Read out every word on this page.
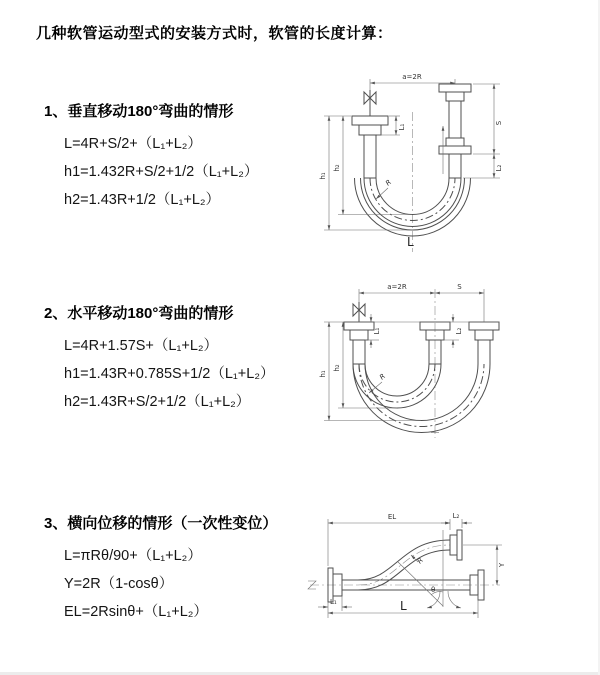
几种软管运动型式的安装方式时，软管的长度计算：
1、垂直移动180°弯曲的情形
L=4R+S/2+（L₁+L₂）
h1=1.432R+S/2+1/2（L₁+L₂）
h2=1.43R+1/2（L₁+L₂）
2、水平移动180°弯曲的情形
L=4R+1.57S+（L₁+L₂）
h1=1.43R+0.785S+1/2（L₁+L₂）
h2=1.43R+S/2+1/2（L₁+L₂）
3、横向位移的情形（一次性变位）
L=πRθ/90+（L₁+L₂）
Y=2R（1-cosθ）
EL=2Rsinθ+（L₁+L₂）
a=2R
S
L₂
L₁
h₁
h₂
R
L
a=2R	S
h₁
h₂
L₁	L₂
R
EL	L₂
Y
θ
R
L
L₁
